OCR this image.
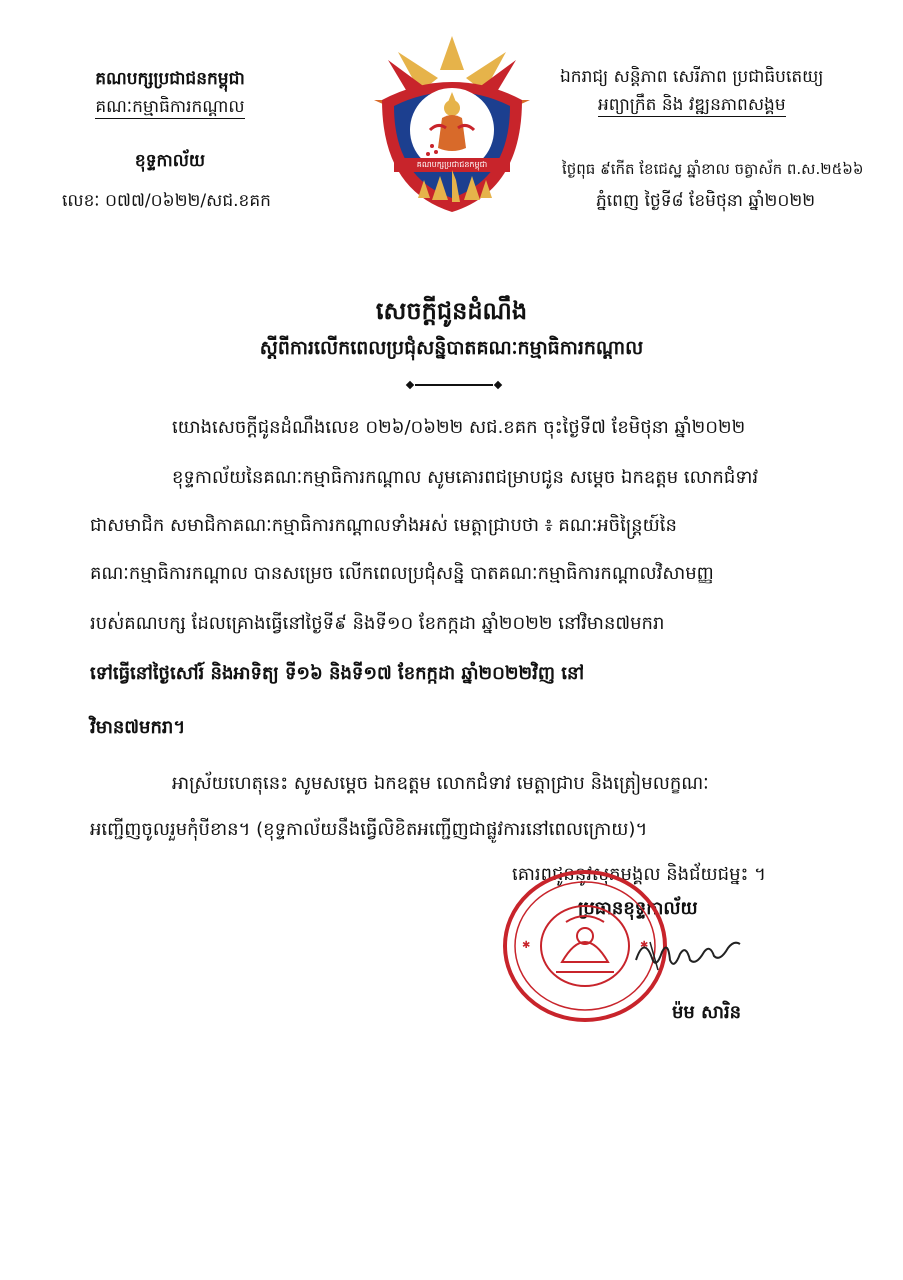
គណបក្សប្រជាជនកម្ពុជា
គណៈកម្មាធិការកណ្តាល
ខុទ្ទកាល័យ
លេខៈ ០៧៧/០៦២២/សជ.ខគក
គណបក្សប្រជាជនកម្ពុជា
ឯករាជ្យ សន្តិភាព សេរីភាព ប្រជាធិបតេយ្យ
អព្យាក្រឹត និង វឌ្ឍនភាពសង្គម
ថ្ងៃពុធ ៩កើត ខែជេស្ឋ ឆ្នាំខាល ចត្វាស័ក ព.ស.២៥៦៦
ភ្នំពេញ ថ្ងៃទី៨ ខែមិថុនា ឆ្នាំ២០២២
សេចក្តីជូនដំណឹង
ស្តីពីការលើកពេលប្រជុំសន្និបាតគណៈកម្មាធិការកណ្តាល
យោងសេចក្តីជូនដំណឹងលេខ ០២៦/០៦២២ សជ.ខគក ចុះថ្ងៃទី៧ ខែមិថុនា ឆ្នាំ២០២២
ខុទ្ទកាល័យនៃគណៈកម្មាធិការកណ្តាល សូមគោរពជម្រាបជូន សម្តេច ឯកឧត្តម លោកជំទាវ
ជាសមាជិក សមាជិកាគណៈកម្មាធិការកណ្តាលទាំងអស់ មេត្តាជ្រាបថា ៖ គណៈអចិន្ត្រៃយ៍នៃ
គណៈកម្មាធិការកណ្តាល បានសម្រេច លើកពេលប្រជុំសន្និ បាតគណៈកម្មាធិការកណ្តាលវិសាមញ្ញ
របស់គណបក្ស ដែលគ្រោងធ្វើនៅថ្ងៃទី៩ និងទី១០ ខែកក្កដា ឆ្នាំ២០២២ នៅវិមាន៧មករា
ទៅធ្វើនៅថ្ងៃសៅរ៍ និងអាទិត្យ ទី១៦ និងទី១៧ ខែកក្កដា ឆ្នាំ២០២២វិញ នៅ
វិមាន៧មករា។
អាស្រ័យហេតុនេះ សូមសម្តេច ឯកឧត្តម លោកជំទាវ មេត្តាជ្រាប និងត្រៀមលក្ខណៈ
អញ្ជើញចូលរួមកុំបីខាន។ (ខុទ្ទកាល័យនឹងធ្វើលិខិតអញ្ជើញជាផ្លូវការនៅពេលក្រោយ)។
គោរពជូននូវសុភមង្គល និងជ័យជម្នះ ។
ប្រធានខុទ្ទកាល័យ
✱	✱
ម៉ម សារិន
